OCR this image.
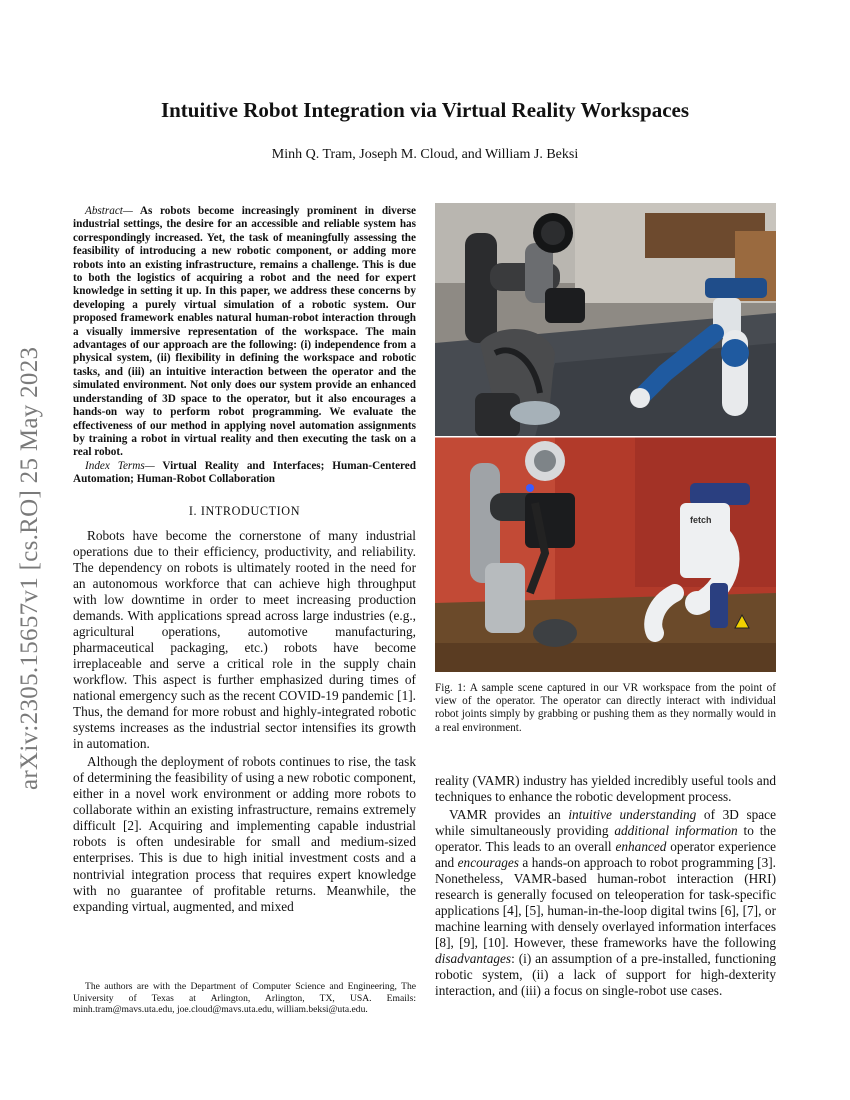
arXiv:2305.15657v1 [cs.RO] 25 May 2023
Intuitive Robot Integration via Virtual Reality Workspaces
Minh Q. Tram, Joseph M. Cloud, and William J. Beksi

Abstract— As robots become increasingly prominent in diverse industrial settings, the desire for an accessible and reliable system has correspondingly increased. Yet, the task of meaningfully assessing the feasibility of introducing a new robotic component, or adding more robots into an existing infrastructure, remains a challenge. This is due to both the logistics of acquiring a robot and the need for expert knowledge in setting it up. In this paper, we address these concerns by developing a purely virtual simulation of a robotic system. Our proposed framework enables natural human-robot interaction through a visually immersive representation of the workspace. The main advantages of our approach are the following: (i) independence from a physical system, (ii) flexibility in defining the workspace and robotic tasks, and (iii) an intuitive interaction between the operator and the simulated environment. Not only does our system provide an enhanced understanding of 3D space to the operator, but it also encourages a hands-on way to perform robot programming. We evaluate the effectiveness of our method in applying novel automation assignments by training a robot in virtual reality and then executing the task on a real robot.

Index Terms— Virtual Reality and Interfaces; Human-Centered Automation; Human-Robot Collaboration

I. INTRODUCTION

Robots have become the cornerstone of many industrial operations due to their efficiency, productivity, and reliability. The dependency on robots is ultimately rooted in the need for an autonomous workforce that can achieve high throughput with low downtime in order to meet increasing production demands. With applications spread across large industries (e.g., agricultural operations, automotive manufacturing, pharmaceutical packaging, etc.) robots have become irreplaceable and serve a critical role in the supply chain workflow. This aspect is further emphasized during times of national emergency such as the recent COVID-19 pandemic [1]. Thus, the demand for more robust and highly-integrated robotic systems increases as the industrial sector intensifies its growth in automation.

Although the deployment of robots continues to rise, the task of determining the feasibility of using a new robotic component, either in a novel work environment or adding more robots to collaborate within an existing infrastructure, remains extremely difficult [2]. Acquiring and implementing capable industrial robots is often undesirable for small and medium-sized enterprises. This is due to high initial investment costs and a nontrivial integration process that requires expert knowledge with no guarantee of profitable returns. Meanwhile, the expanding virtual, augmented, and mixed

The authors are with the Department of Computer Science and Engineering, The University of Texas at Arlington, Arlington, TX, USA. Emails: minh.tram@mavs.uta.edu, joe.cloud@mavs.uta.edu, william.beksi@uta.edu.
fetch

Fig. 1: A sample scene captured in our VR workspace from the point of view of the operator. The operator can directly interact with individual robot joints simply by grabbing or pushing them as they normally would in a real environment.

reality (VAMR) industry has yielded incredibly useful tools and techniques to enhance the robotic development process.

VAMR provides an intuitive understanding of 3D space while simultaneously providing additional information to the operator. This leads to an overall enhanced operator experience and encourages a hands-on approach to robot programming [3]. Nonetheless, VAMR-based human-robot interaction (HRI) research is generally focused on teleoperation for task-specific applications [4], [5], human-in-the-loop digital twins [6], [7], or machine learning with densely overlayed information interfaces [8], [9], [10]. However, these frameworks have the following disadvantages: (i) an assumption of a pre-installed, functioning robotic system, (ii) a lack of support for high-dexterity interaction, and (iii) a focus on single-robot use cases.
